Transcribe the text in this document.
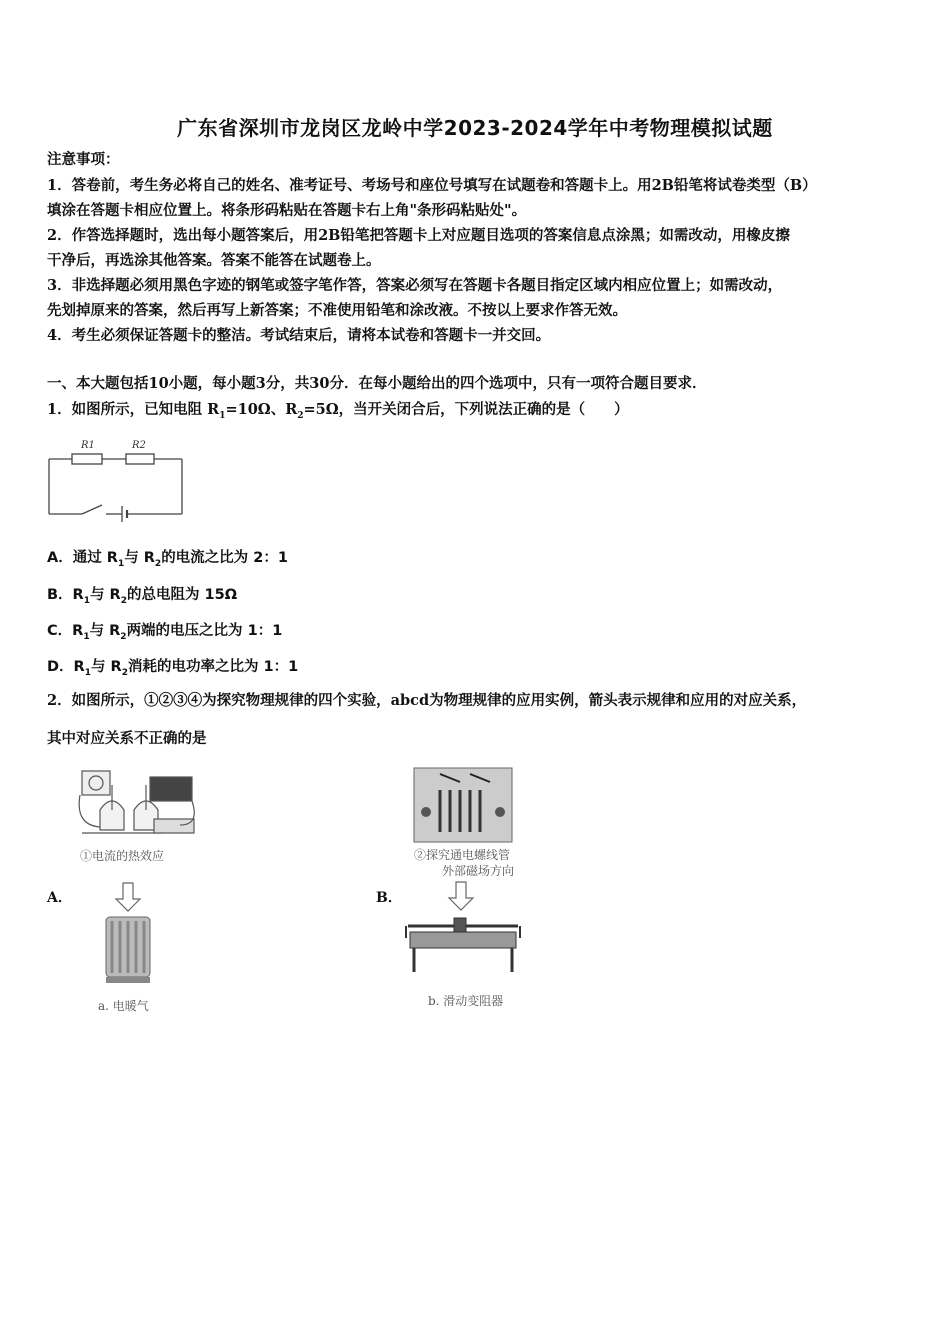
广东省深圳市龙岗区龙岭中学2023-2024学年中考物理模拟试题
注意事项：
1．答卷前，考生务必将自己的姓名、准考证号、考场号和座位号填写在试题卷和答题卡上。用2B铅笔将试卷类型（B）
填涂在答题卡相应位置上。将条形码粘贴在答题卡右上角"条形码粘贴处"。
2．作答选择题时，选出每小题答案后，用2B铅笔把答题卡上对应题目选项的答案信息点涂黑；如需改动，用橡皮擦
干净后，再选涂其他答案。答案不能答在试题卷上。
3．非选择题必须用黑色字迹的钢笔或签字笔作答，答案必须写在答题卡各题目指定区域内相应位置上；如需改动，
先划掉原来的答案，然后再写上新答案；不准使用铅笔和涂改液。不按以上要求作答无效。
4．考生必须保证答题卡的整洁。考试结束后，请将本试卷和答题卡一并交回。
一、本大题包括10小题，每小题3分，共30分．在每小题给出的四个选项中，只有一项符合题目要求．
1．如图所示，已知电阻 $R_1=10\Omega$、$R_2=5\Omega$，当开关闭合后，下列说法正确的是（　　）
R1	R2
A．通过 $R_1$与 $R_2$的电流之比为 2：1
B．$R_1$与 $R_2$的总电阻为 15Ω
C．$R_1$与 $R_2$两端的电压之比为 1：1
D．$R_1$与 $R_2$消耗的电功率之比为 1：1
2．如图所示，①②③④为探究物理规律的四个实验，abcd为物理规律的应用实例，箭头表示规律和应用的对应关系，
其中对应关系不正确的是
A．	B．
①电流的热效应
a. 电暖气
②探究通电螺线管
外部磁场方向
b. 滑动变阻器
